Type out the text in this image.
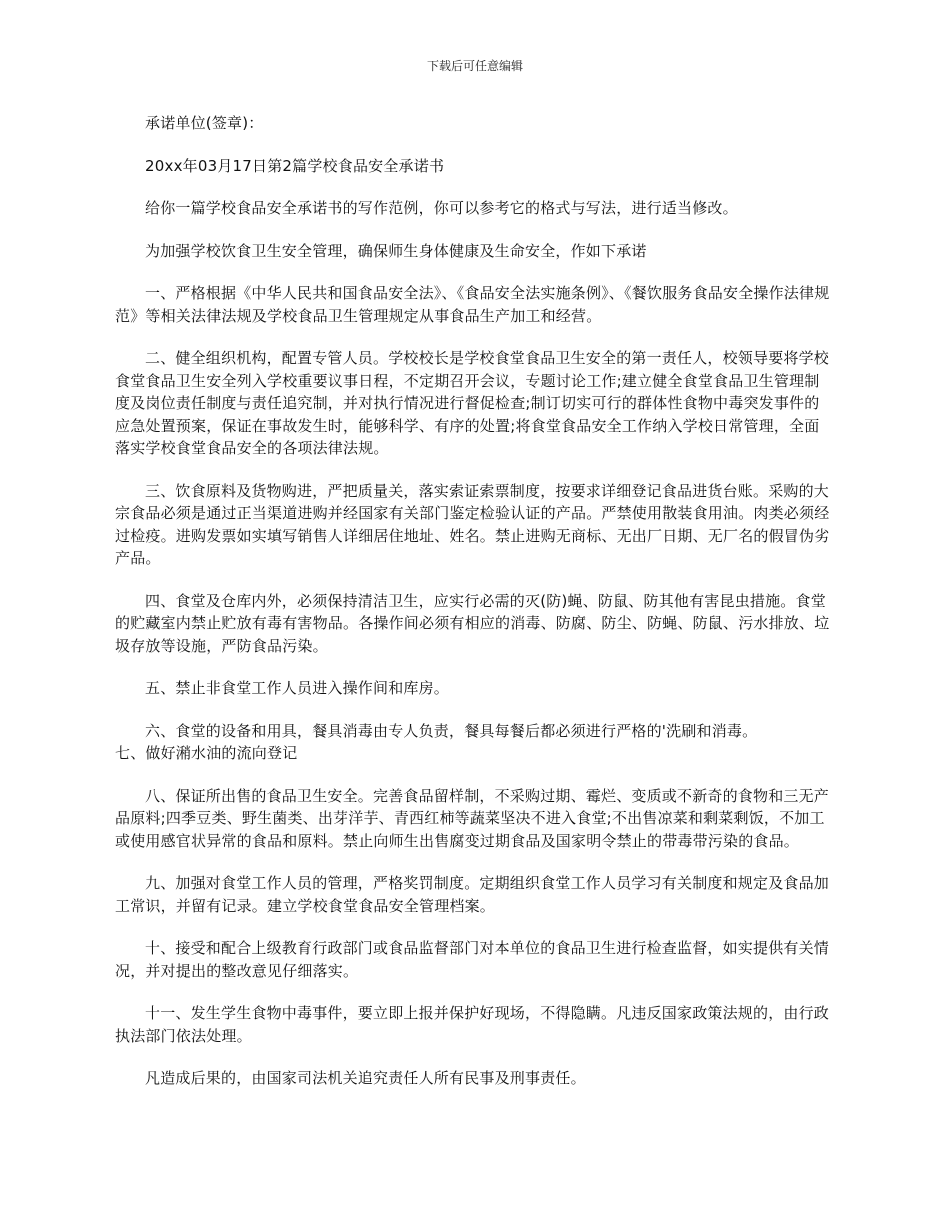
下载后可任意编辑

承诺单位(签章)：

20xx年03月17日第2篇学校食品安全承诺书

给你一篇学校食品安全承诺书的写作范例，你可以参考它的格式与写法，进行适当修改。

为加强学校饮食卫生安全管理，确保师生身体健康及生命安全，作如下承诺

一、严格根据《中华人民共和国食品安全法》、《食品安全法实施条例》、《餐饮服务食品安全操作法律规范》等相关法律法规及学校食品卫生管理规定从事食品生产加工和经营。

二、健全组织机构，配置专管人员。学校校长是学校食堂食品卫生安全的第一责任人，校领导要将学校食堂食品卫生安全列入学校重要议事日程，不定期召开会议，专题讨论工作;建立健全食堂食品卫生管理制度及岗位责任制度与责任追究制，并对执行情况进行督促检查;制订切实可行的群体性食物中毒突发事件的应急处置预案，保证在事故发生时，能够科学、有序的处置;将食堂食品安全工作纳入学校日常管理，全面落实学校食堂食品安全的各项法律法规。

三、饮食原料及货物购进，严把质量关，落实索证索票制度，按要求详细登记食品进货台账。采购的大宗食品必须是通过正当渠道进购并经国家有关部门鉴定检验认证的产品。严禁使用散装食用油。肉类必须经过检疫。进购发票如实填写销售人详细居住地址、姓名。禁止进购无商标、无出厂日期、无厂名的假冒伪劣产品。

四、食堂及仓库内外，必须保持清洁卫生，应实行必需的灭(防)蝇、防鼠、防其他有害昆虫措施。食堂的贮藏室内禁止贮放有毒有害物品。各操作间必须有相应的消毒、防腐、防尘、防蝇、防鼠、污水排放、垃圾存放等设施，严防食品污染。

五、禁止非食堂工作人员进入操作间和库房。

六、食堂的设备和用具，餐具消毒由专人负责，餐具每餐后都必须进行严格的'洗刷和消毒。

七、做好潲水油的流向登记

八、保证所出售的食品卫生安全。完善食品留样制，不采购过期、霉烂、变质或不新奇的食物和三无产品原料;四季豆类、野生菌类、出芽洋芋、青西红柿等蔬菜坚决不进入食堂;不出售凉菜和剩菜剩饭，不加工或使用感官状异常的食品和原料。禁止向师生出售腐变过期食品及国家明令禁止的带毒带污染的食品。

九、加强对食堂工作人员的管理，严格奖罚制度。定期组织食堂工作人员学习有关制度和规定及食品加工常识，并留有记录。建立学校食堂食品安全管理档案。

十、接受和配合上级教育行政部门或食品监督部门对本单位的食品卫生进行检查监督，如实提供有关情况，并对提出的整改意见仔细落实。

十一、发生学生食物中毒事件，要立即上报并保护好现场，不得隐瞒。凡违反国家政策法规的，由行政执法部门依法处理。

凡造成后果的，由国家司法机关追究责任人所有民事及刑事责任。
